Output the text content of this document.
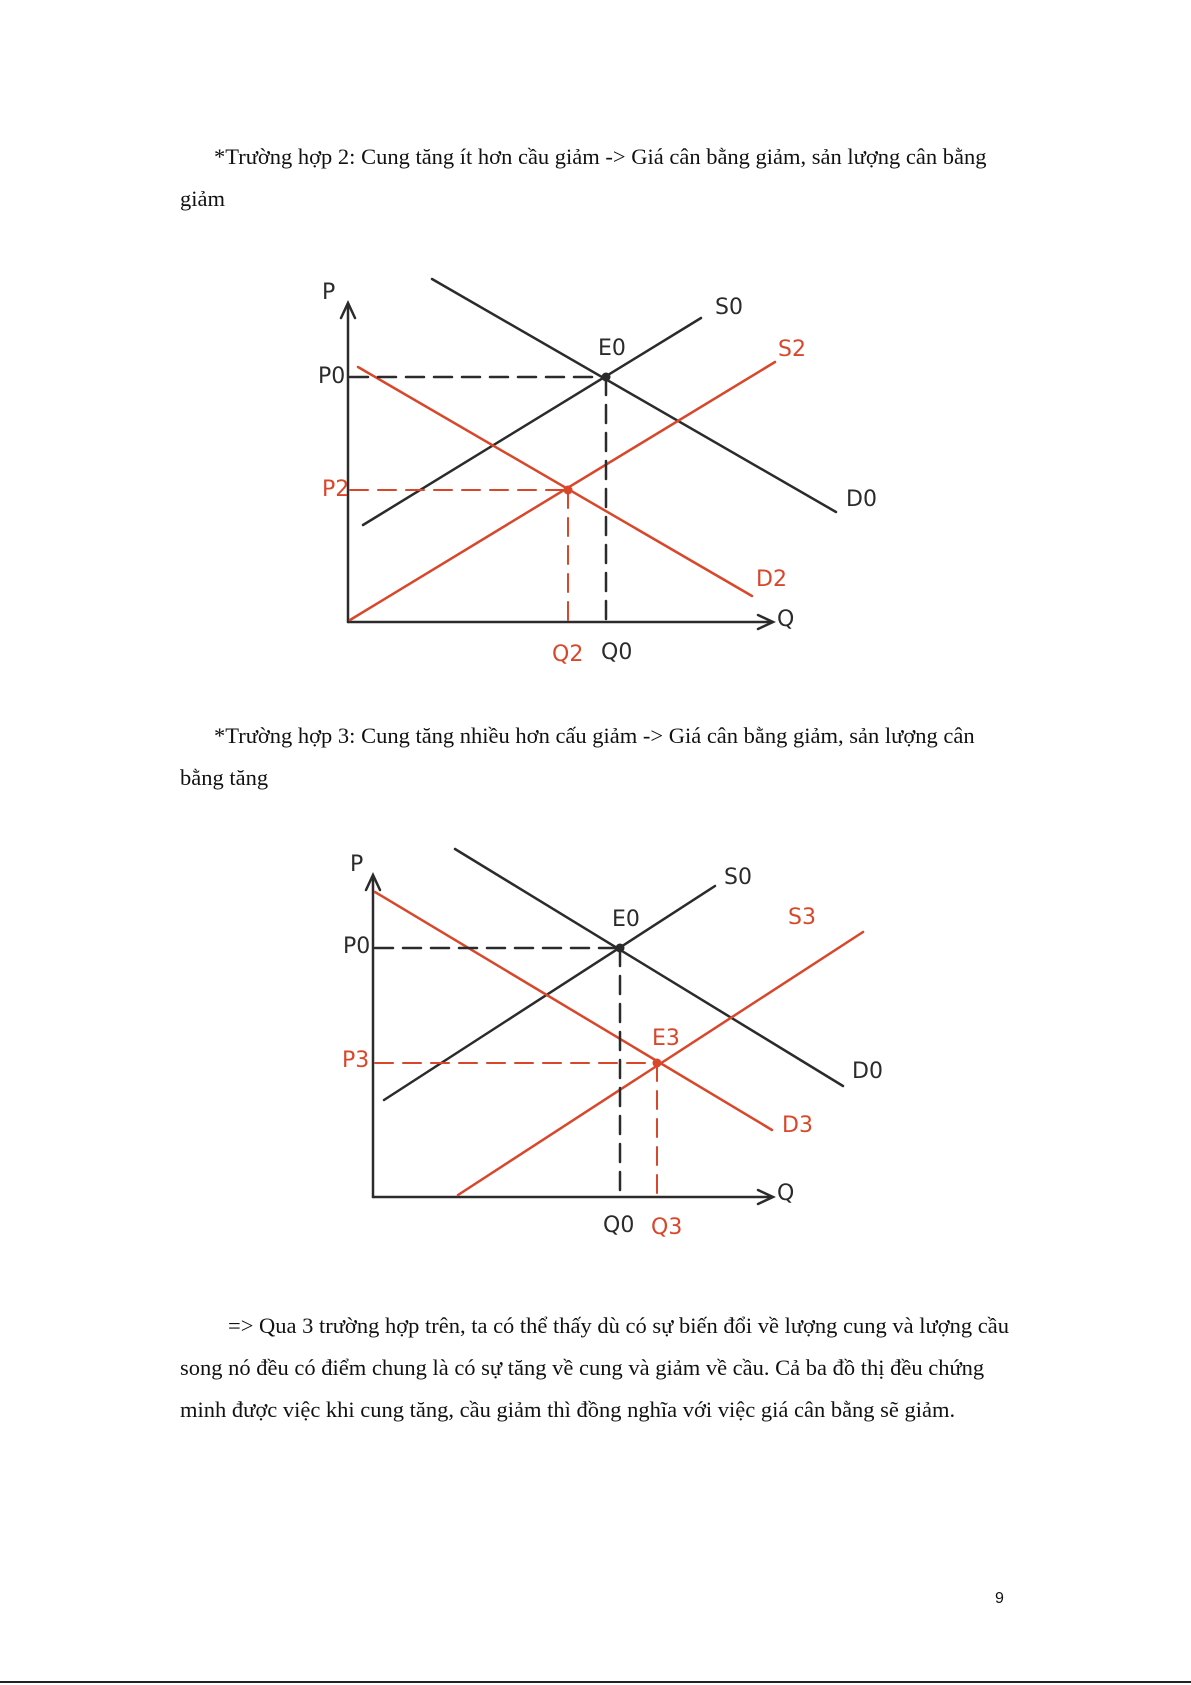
*Trường hợp 2: Cung tăng ít hơn cầu giảm -> Giá cân bằng giảm, sản lượng cân bằng giảm

P
Q
P0
E0
S0
D0
Q0
S2
D2
P2
Q2

*Trường hợp 3: Cung tăng nhiều hơn cấu giảm -> Giá cân bằng giảm, sản lượng cân bằng tăng

P
Q
P0
E0
S0
D0
Q0
S3
D3
E3
P3
Q3

=> Qua 3 trường hợp trên, ta có thể thấy dù có sự biến đổi về lượng cung và lượng cầu song nó đều có điểm chung là có sự tăng về cung và giảm về cầu. Cả ba đồ thị đều chứng minh được việc khi cung tăng, cầu giảm thì đồng nghĩa với việc giá cân bằng sẽ giảm.

9
